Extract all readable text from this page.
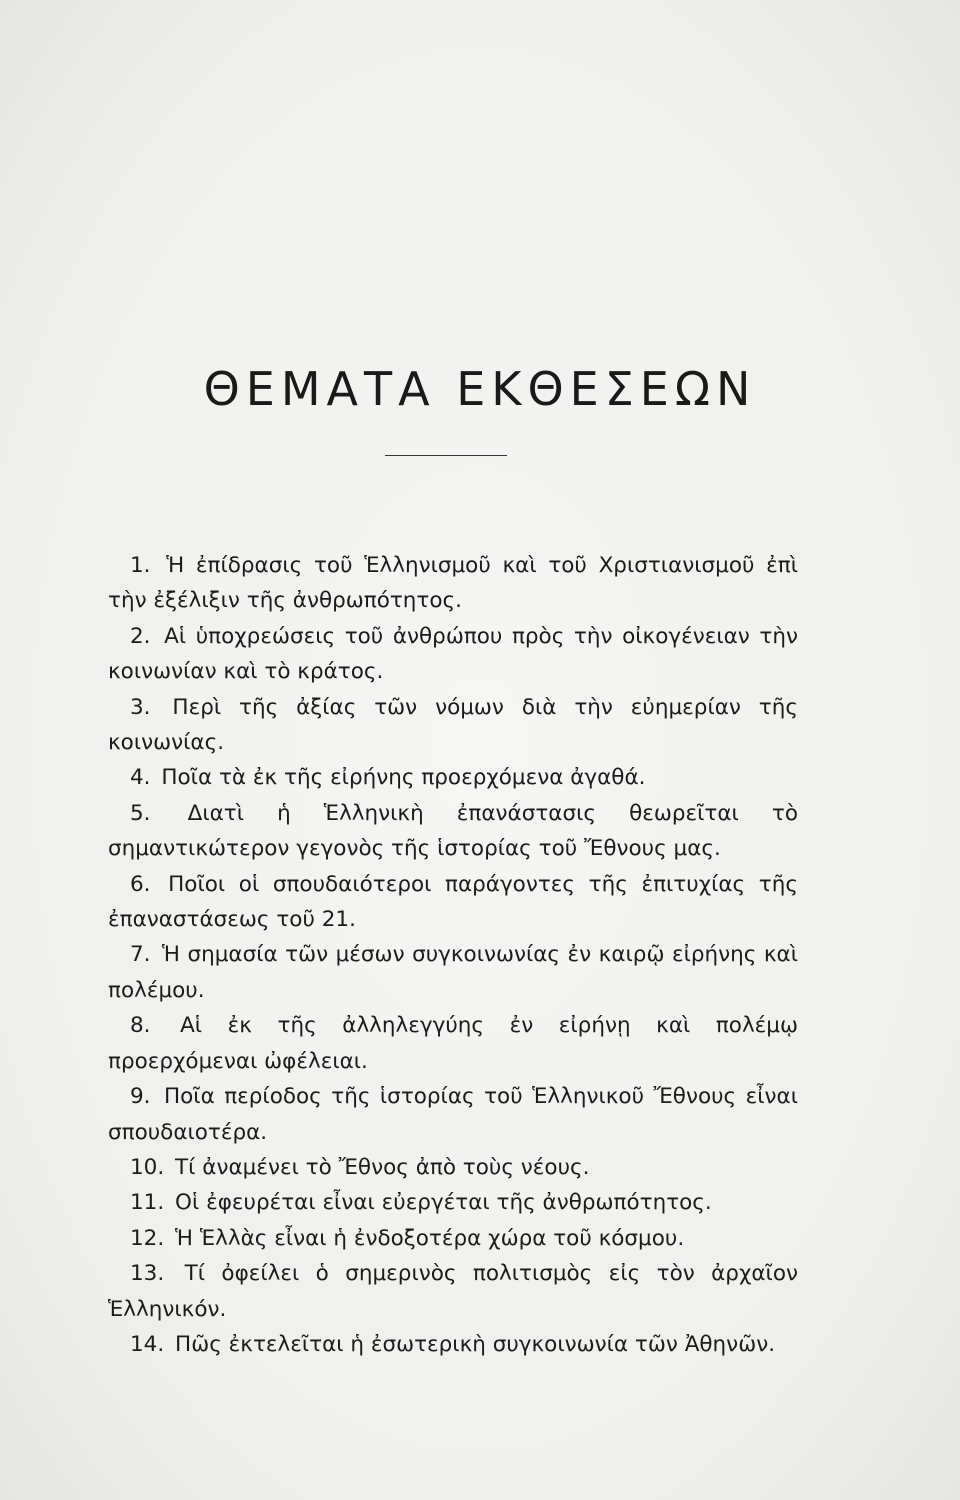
ΘΕΜΑΤΑ ΕΚΘΕΣΕΩΝ
1. Ἡ ἐπίδρασις τοῦ Ἑλληνισμοῦ καὶ τοῦ Χριστιανισμοῦ ἐπὶ τὴν ἐξέλιξιν τῆς ἀνθρωπότητος.
2. Αἱ ὑποχρεώσεις τοῦ ἀνθρώπου πρὸς τὴν οἰκογένειαν τὴν κοινωνίαν καὶ τὸ κράτος.
3. Περὶ τῆς ἀξίας τῶν νόμων διὰ τὴν εὐημερίαν τῆς κοινωνίας.
4. Ποῖα τὰ ἐκ τῆς εἰρήνης προερχόμενα ἀγαθά.
5. Διατὶ ἡ Ἑλληνικὴ ἐπανάστασις θεωρεῖται τὸ σημαντικώτερον γεγονὸς τῆς ἱστορίας τοῦ Ἔθνους μας.
6. Ποῖοι οἱ σπουδαιότεροι παράγοντες τῆς ἐπιτυχίας τῆς ἐπαναστάσεως τοῦ 21.
7. Ἡ σημασία τῶν μέσων συγκοινωνίας ἐν καιρῷ εἰρήνης καὶ πολέμου.
8. Αἱ ἐκ τῆς ἀλληλεγγύης ἐν εἰρήνῃ καὶ πολέμῳ προερχόμεναι ὠφέλειαι.
9. Ποῖα περίοδος τῆς ἱστορίας τοῦ Ἑλληνικοῦ Ἔθνους εἶναι σπουδαιοτέρα.
10. Τί ἀναμένει τὸ Ἔθνος ἀπὸ τοὺς νέους.
11. Οἱ ἐφευρέται εἶναι εὐεργέται τῆς ἀνθρωπότητος.
12. Ἡ Ἑλλὰς εἶναι ἡ ἐνδοξοτέρα χώρα τοῦ κόσμου.
13. Τί ὀφείλει ὁ σημερινὸς πολιτισμὸς εἰς τὸν ἀρχαῖον Ἑλληνικόν.
14. Πῶς ἐκτελεῖται ἡ ἐσωτερικὴ συγκοινωνία τῶν Ἀθηνῶν.
